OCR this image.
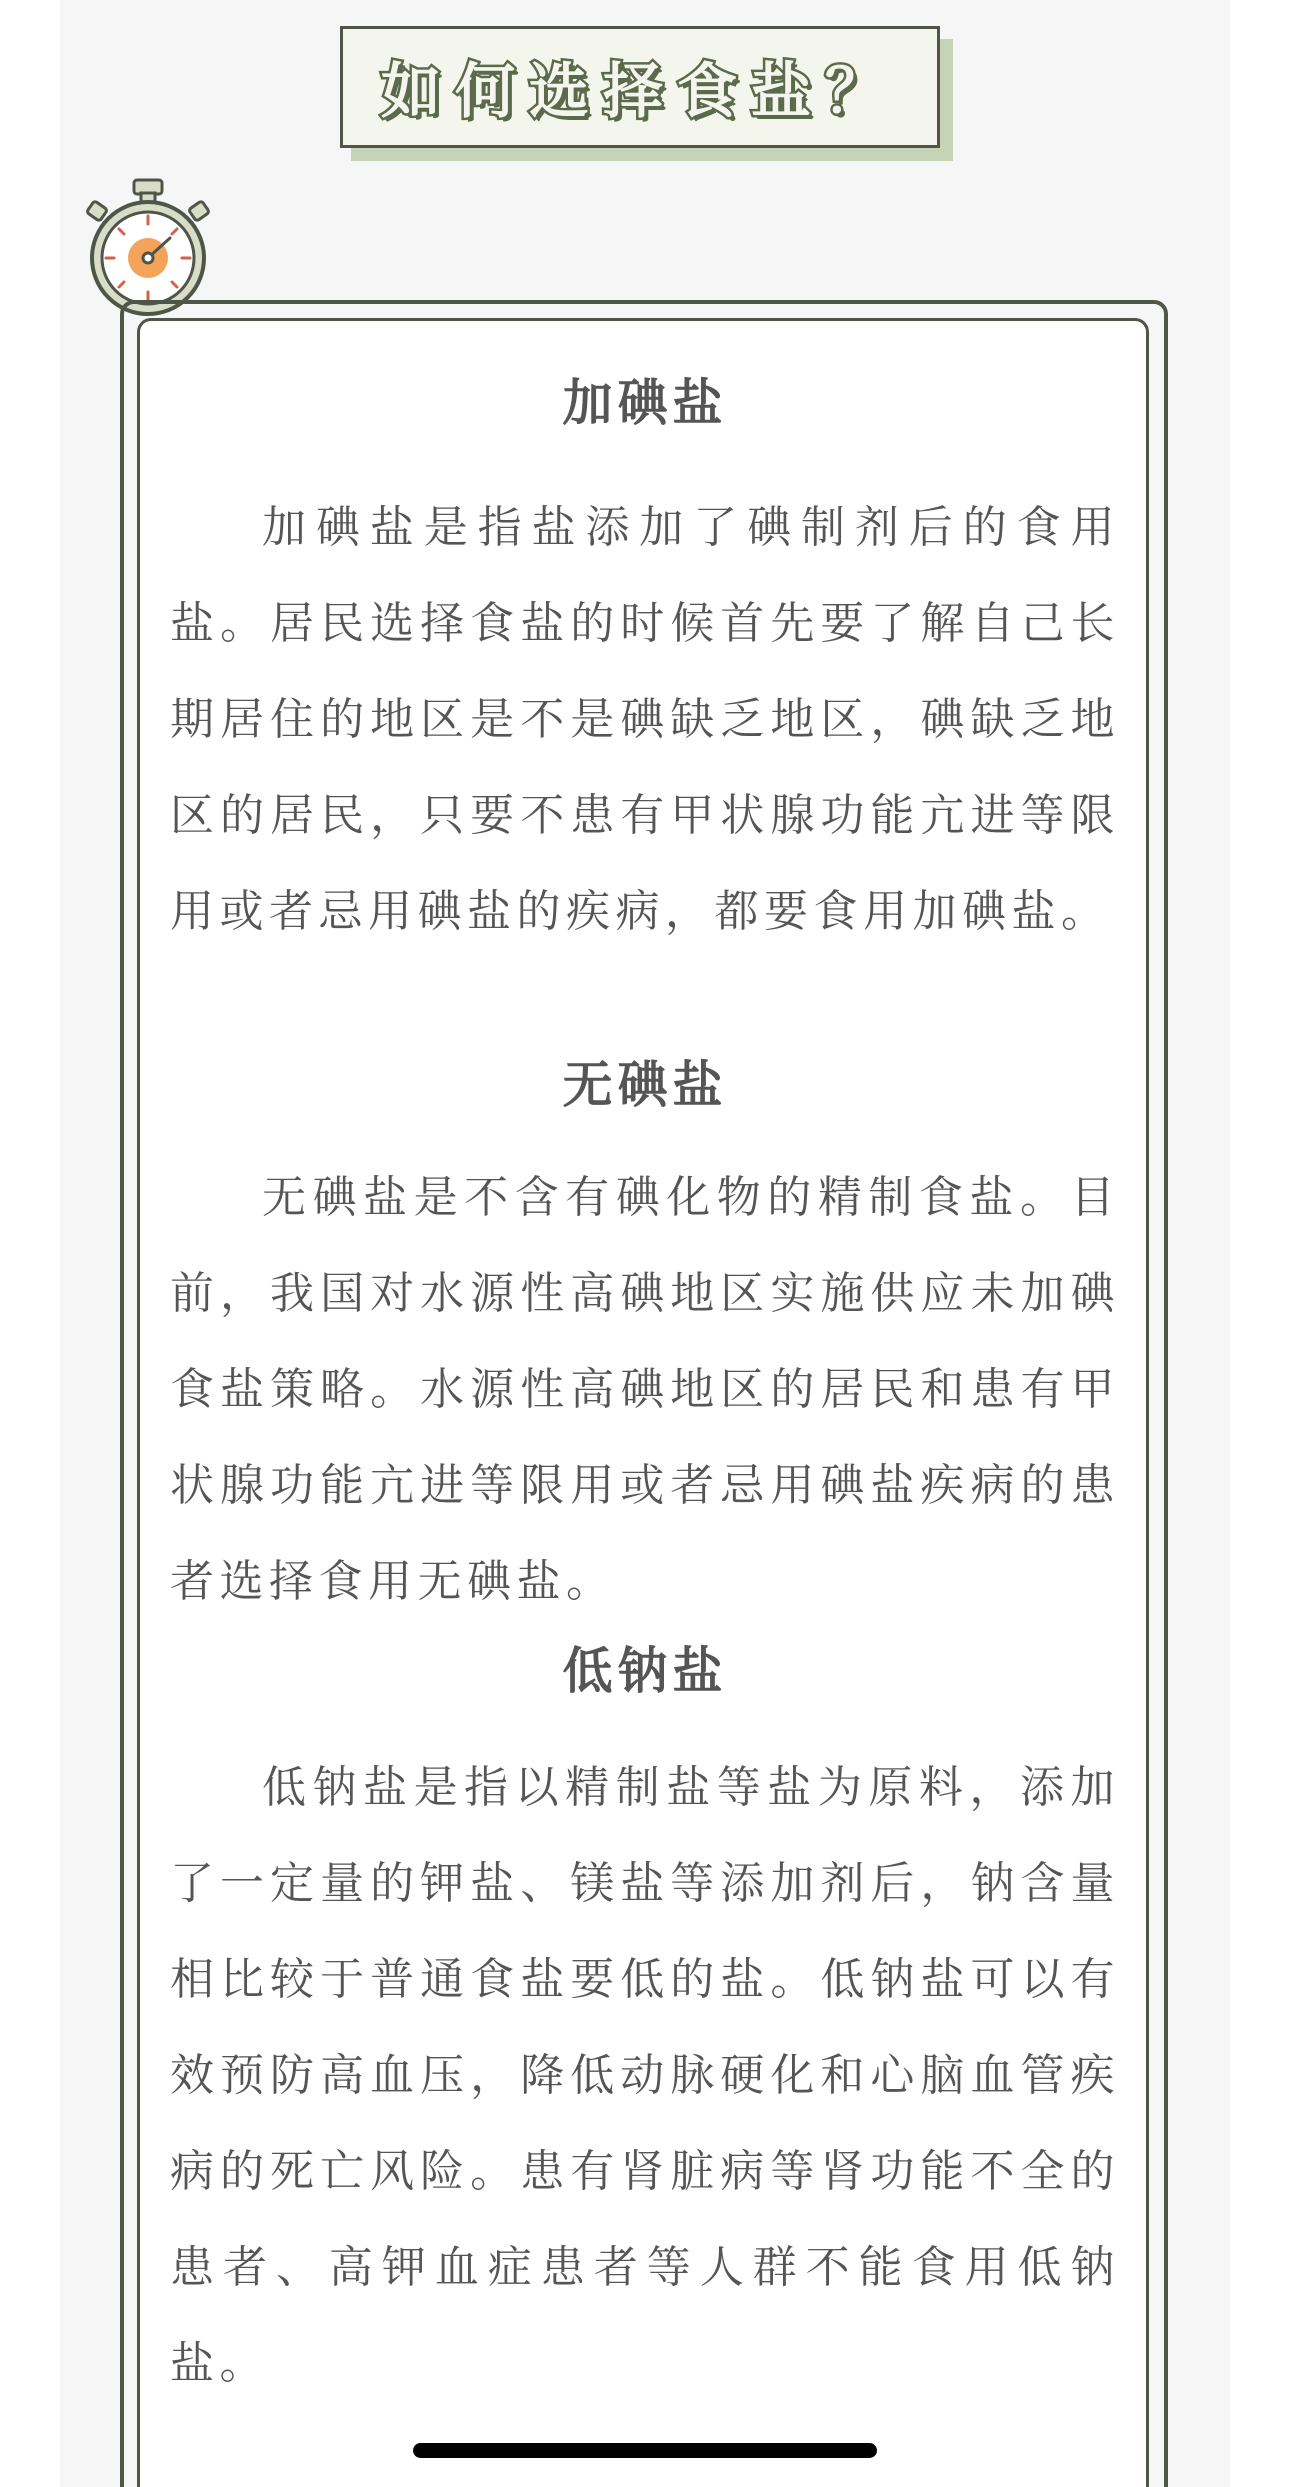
如何选择食盐？
加碘盐

加碘盐是指盐添加了碘制剂后的食用盐。居民选择食盐的时候首先要了解自己长期居住的地区是不是碘缺乏地区，碘缺乏地区的居民，只要不患有甲状腺功能亢进等限用或者忌用碘盐的疾病，都要食用加碘盐。

无碘盐

无碘盐是不含有碘化物的精制食盐。目前，我国对水源性高碘地区实施供应未加碘食盐策略。水源性高碘地区的居民和患有甲状腺功能亢进等限用或者忌用碘盐疾病的患者选择食用无碘盐。

低钠盐

低钠盐是指以精制盐等盐为原料，添加了一定量的钾盐、镁盐等添加剂后，钠含量相比较于普通食盐要低的盐。低钠盐可以有效预防高血压，降低动脉硬化和心脑血管疾病的死亡风险。患有肾脏病等肾功能不全的患者、高钾血症患者等人群不能食用低钠盐。
